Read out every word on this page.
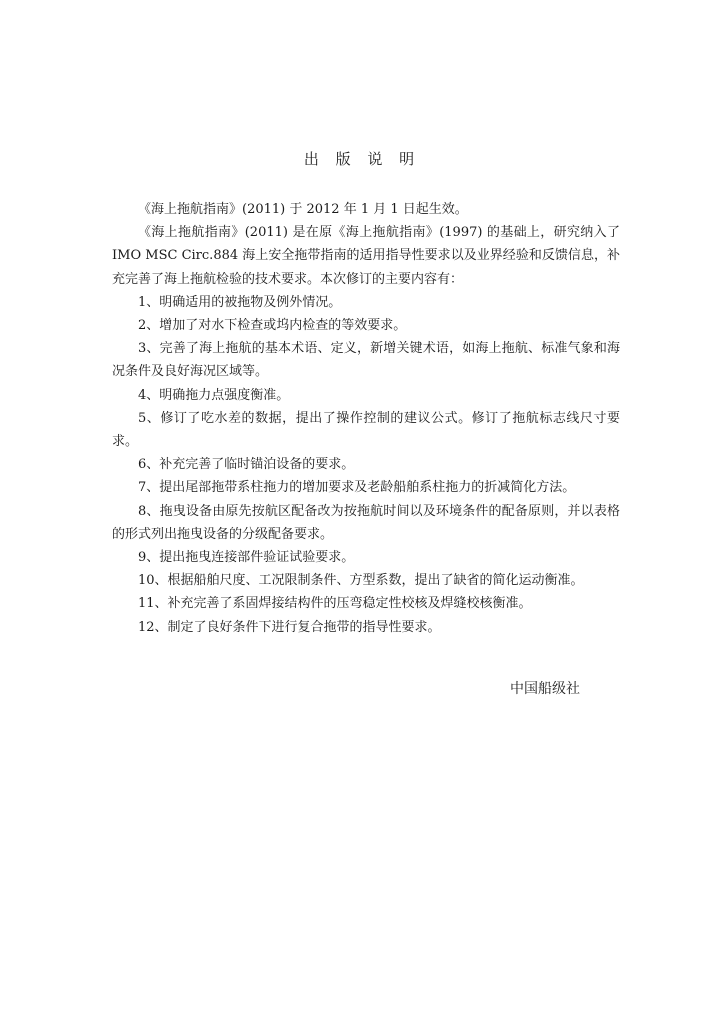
出 版 说 明

《海上拖航指南》(2011) 于 2012 年 1 月 1 日起生效。

《海上拖航指南》(2011) 是在原《海上拖航指南》(1997) 的基础上，研究纳入了 IMO MSC Circ.884 海上安全拖带指南的适用指导性要求以及业界经验和反馈信息，补充完善了海上拖航检验的技术要求。本次修订的主要内容有：

1、明确适用的被拖物及例外情况。

2、增加了对水下检查或坞内检查的等效要求。

3、完善了海上拖航的基本术语、定义，新增关键术语，如海上拖航、标准气象和海况条件及良好海况区域等。

4、明确拖力点强度衡准。

5、修订了吃水差的数据，提出了操作控制的建议公式。修订了拖航标志线尺寸要求。

6、补充完善了临时锚泊设备的要求。

7、提出尾部拖带系柱拖力的增加要求及老龄船舶系柱拖力的折减简化方法。

8、拖曳设备由原先按航区配备改为按拖航时间以及环境条件的配备原则，并以表格的形式列出拖曳设备的分级配备要求。

9、提出拖曳连接部件验证试验要求。

10、根据船舶尺度、工况限制条件、方型系数，提出了缺省的简化运动衡准。

11、补充完善了系固焊接结构件的压弯稳定性校核及焊缝校核衡准。

12、制定了良好条件下进行复合拖带的指导性要求。

中国船级社
